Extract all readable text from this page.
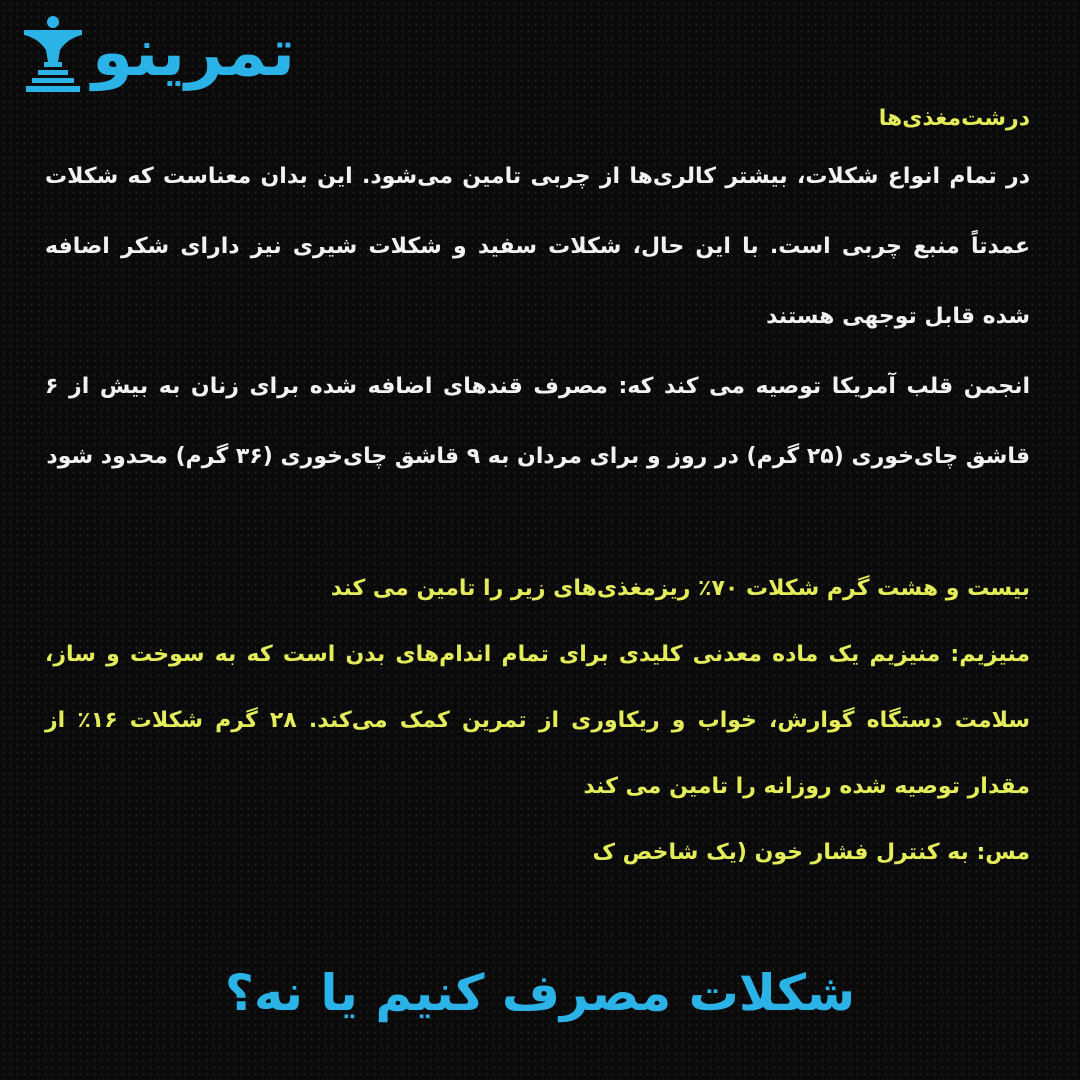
تمرینو
درشت‌مغذی‌ها

در تمام انواع شکلات، بیشتر کالری‌ها از چربی تامین می‌شود. این بدان معناست که شکلات عمدتاً منبع چربی است. با این حال، شکلات سفید و شکلات شیری نیز دارای شکر اضافه شده قابل توجهی هستند

انجمن قلب آمریکا توصیه می کند که: مصرف قندهای اضافه شده برای زنان به بیش از ۶ قاشق چای‌خوری (۲۵ گرم) در روز و برای مردان به ۹ قاشق چای‌خوری (۳۶ گرم) محدود شود

بیست و هشت گرم شکلات ۷۰٪ ریزمغذی‌های زیر را تامین می کند

منیزیم: منیزیم یک ماده معدنی کلیدی برای تمام اندام‌های بدن است که به سوخت و ساز، سلامت دستگاه گوارش، خواب و ریکاوری از تمرین کمک می‌کند. ۲۸ گرم شکلات ۱۶٪ از مقدار توصیه شده روزانه را تامین می کند

مس: به کنترل فشار خون (یک شاخص ک

شکلات مصرف کنیم یا نه؟
